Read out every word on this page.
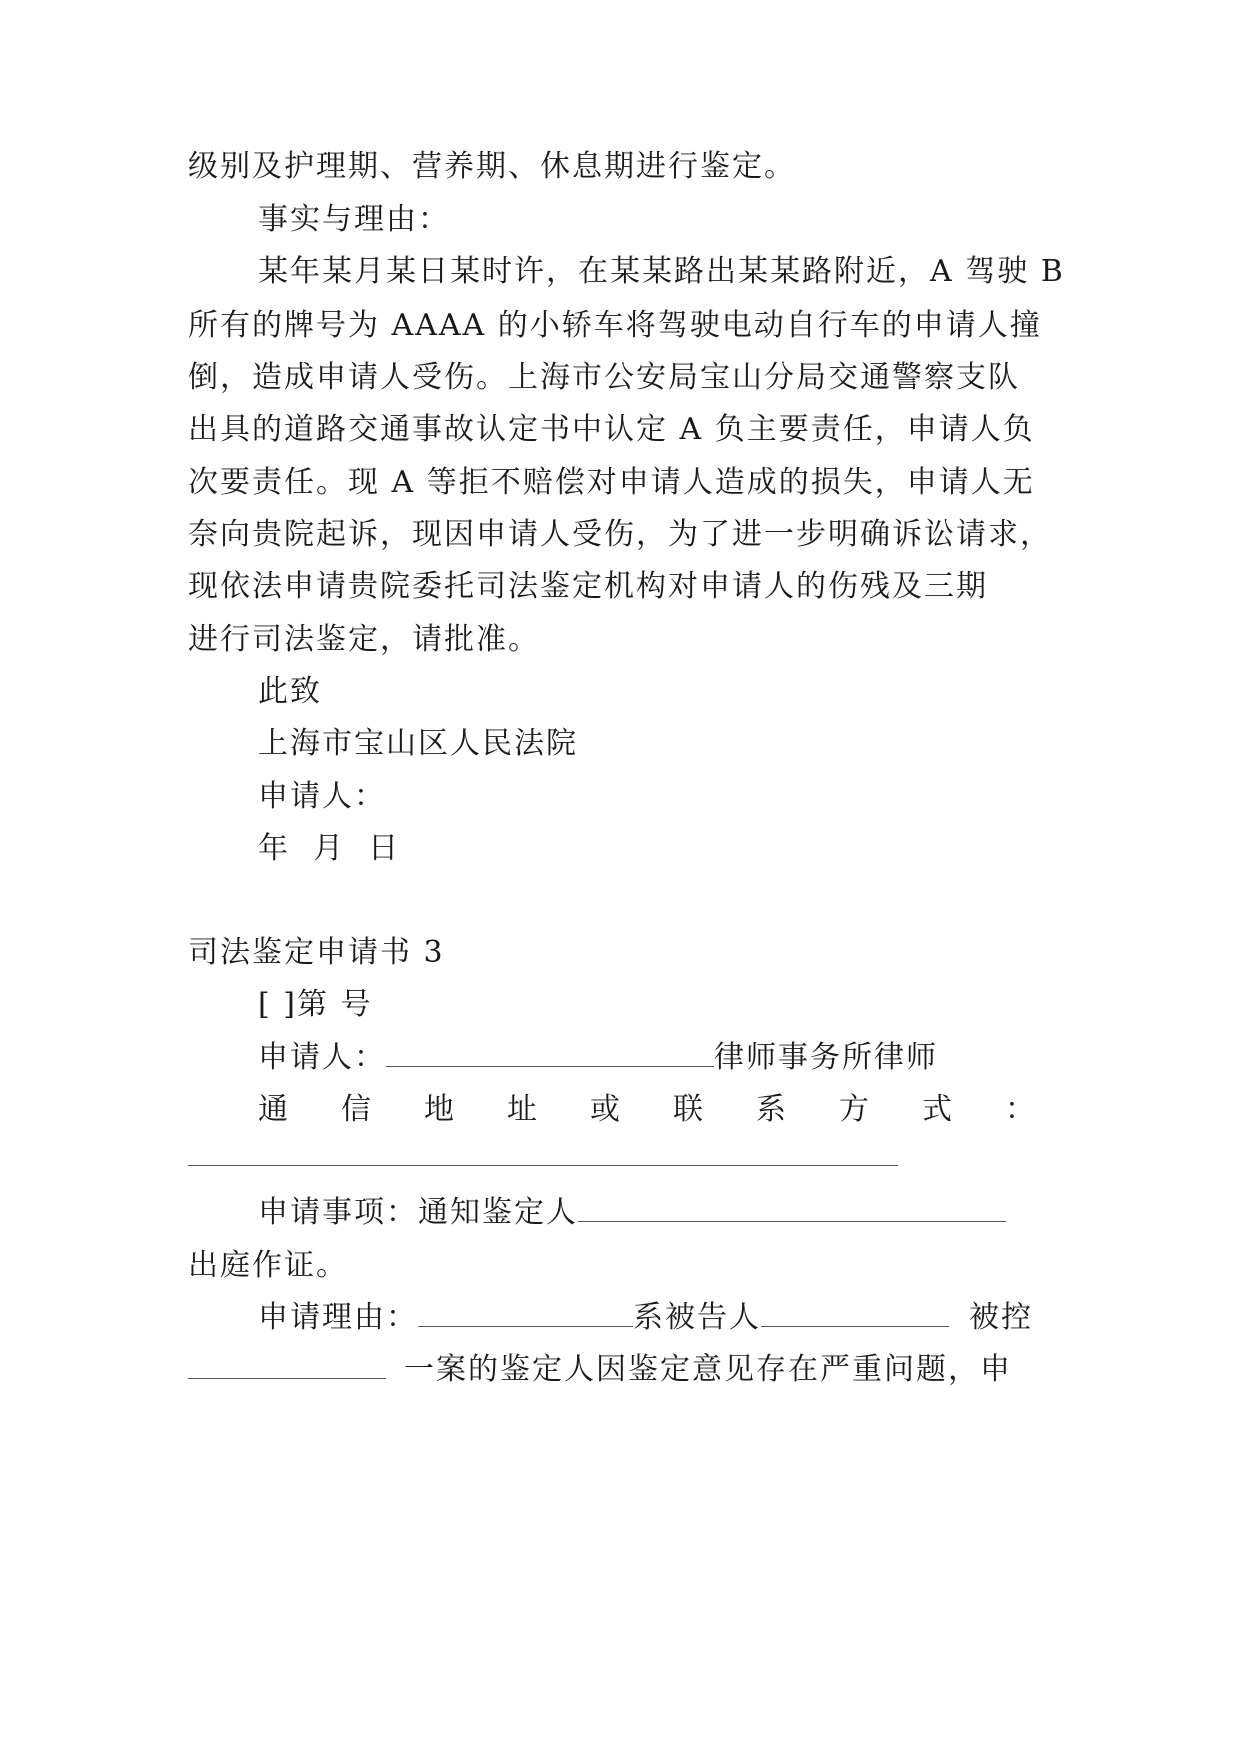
级别及护理期、营养期、休息期进行鉴定。
事实与理由：
某年某月某日某时许，在某某路出某某路附近，A 驾驶 B
所有的牌号为 AAAA 的小轿车将驾驶电动自行车的申请人撞
倒，造成申请人受伤。上海市公安局宝山分局交通警察支队
出具的道路交通事故认定书中认定 A 负主要责任，申请人负
次要责任。现 A 等拒不赔偿对申请人造成的损失，申请人无
奈向贵院起诉，现因申请人受伤，为了进一步明确诉讼请求，
现依法申请贵院委托司法鉴定机构对申请人的伤残及三期
进行司法鉴定，请批准。
此致
上海市宝山区人民法院
申请人：
年  月  日
司法鉴定申请书 3
[ ]第 号
申请人：	律师事务所律师
通 信 地 址 或 联 系 方 式 ：
申请事项：通知鉴定人
出庭作证。
申请理由：	系被告人	被控
一案的鉴定人因鉴定意见存在严重问题，申
